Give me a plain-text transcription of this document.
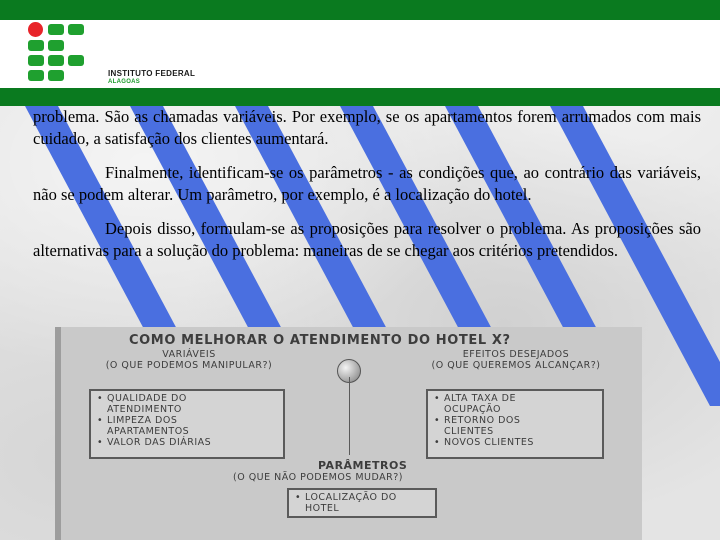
INSTITUTO FEDERAL
ALAGOAS

problema. São as chamadas variáveis. Por exemplo, se os apartamentos forem arrumados com mais cuidado, a satisfação dos clientes aumentará.

Finalmente, identificam-se os parâmetros - as condições que, ao contrário das variáveis, não se podem alterar. Um parâmetro, por exemplo, é a localização do hotel.

Depois disso, formulam-se as proposições para resolver o problema. As proposições são alternativas para a solução do problema: maneiras de se chegar aos critérios pretendidos.

COMO MELHORAR O ATENDIMENTO DO HOTEL X?
VARIÁVEIS
(O QUE PODEMOS MANIPULAR?)
EFEITOS DESEJADOS
(O QUE QUEREMOS ALCANÇAR?)
• QUALIDADE DO
ATENDIMENTO
• LIMPEZA DOS
APARTAMENTOS
• VALOR DAS DIÁRIAS
• ALTA TAXA DE
OCUPAÇÃO
• RETORNO DOS
CLIENTES
• NOVOS CLIENTES
PARÂMETROS
(O QUE NÃO PODEMOS MUDAR?)
• LOCALIZAÇÃO DO
HOTEL
